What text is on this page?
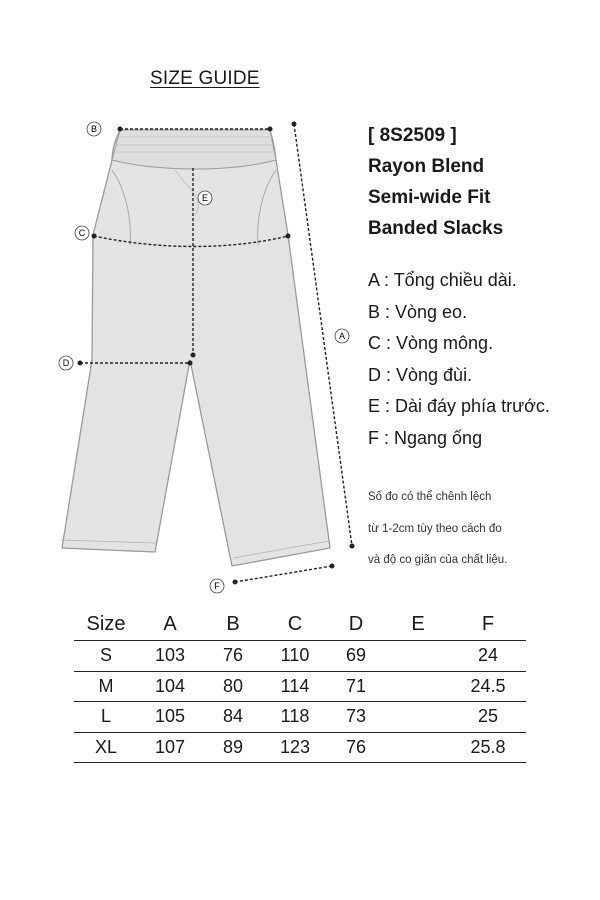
SIZE GUIDE
B
C
E
D
A
F
[ 8S2509 ]
Rayon Blend
Semi-wide Fit
Banded Slacks
A : Tổng chiều dài.
B : Vòng eo.
C : Vòng mông.
D : Vòng đùi.
E : Dài đáy phía trước.
F : Ngang ống
Số đo có thể chênh lệch
từ 1-2cm tùy theo cách đo
và độ co giãn của chất liệu.
Size	A	B	C	D	E	F
S	103	76	110	69		24
M	104	80	114	71		24.5
L	105	84	118	73		25
XL	107	89	123	76		25.8
